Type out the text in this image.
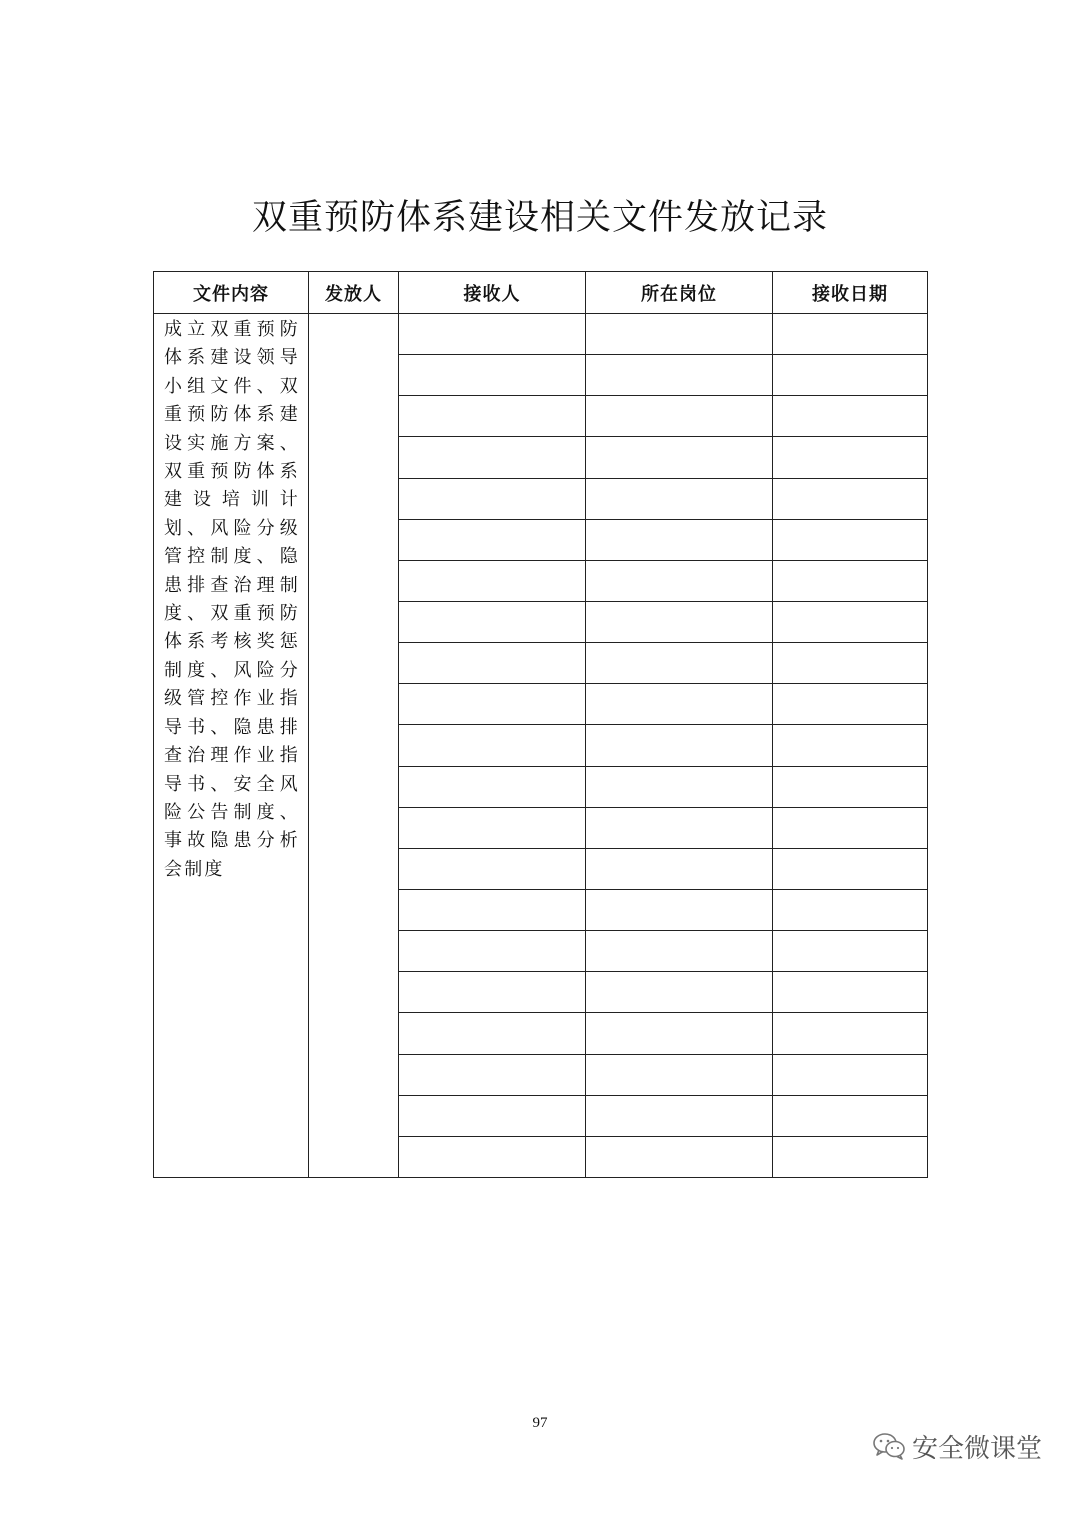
双重预防体系建设相关文件发放记录
文件内容	发放人	接收人	所在岗位	接收日期

成立双重预防体系建设领导小组文件、双重预防体系建设实施方案、双重预防体系建设培训计划、风险分级管控制度、隐患排查治理制度、双重预防体系考核奖惩制度、风险分级管控作业指导书、隐患排查治理作业指导书、安全风险公告制度、事故隐患分析会制度				

97
安全微课堂
